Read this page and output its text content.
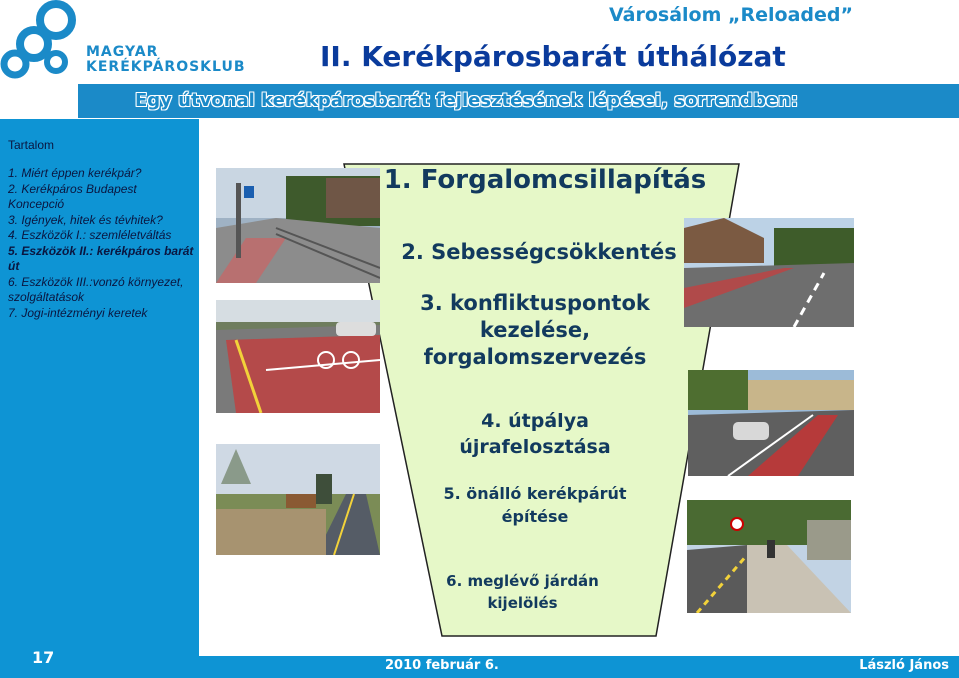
MAGYAR
KERÉKPÁROSKLUB
Városálom „Reloaded”
II. Kerékpárosbarát úthálózat
Egy útvonal kerékpárosbarát fejlesztésének lépései, sorrendben:
Tartalom
1. Miért éppen kerékpár?
2. Kerékpáros Budapest Koncepció
3. Igények, hitek és tévhitek?
4. Eszközök I.: szemléletváltás
5. Eszközök II.: kerékpáros barát út
6. Eszközök III.:vonzó környezet, szolgáltatások
7. Jogi-intézményi keretek
17
1. Forgalomcsillapítás
2. Sebességcsökkentés
3. konfliktuspontok
kezelése,
forgalomszervezés
4. útpálya
újrafelosztása
5. önálló kerékpárút
építése
6. meglévő járdán
kijelölés
2010 február 6.	László János
